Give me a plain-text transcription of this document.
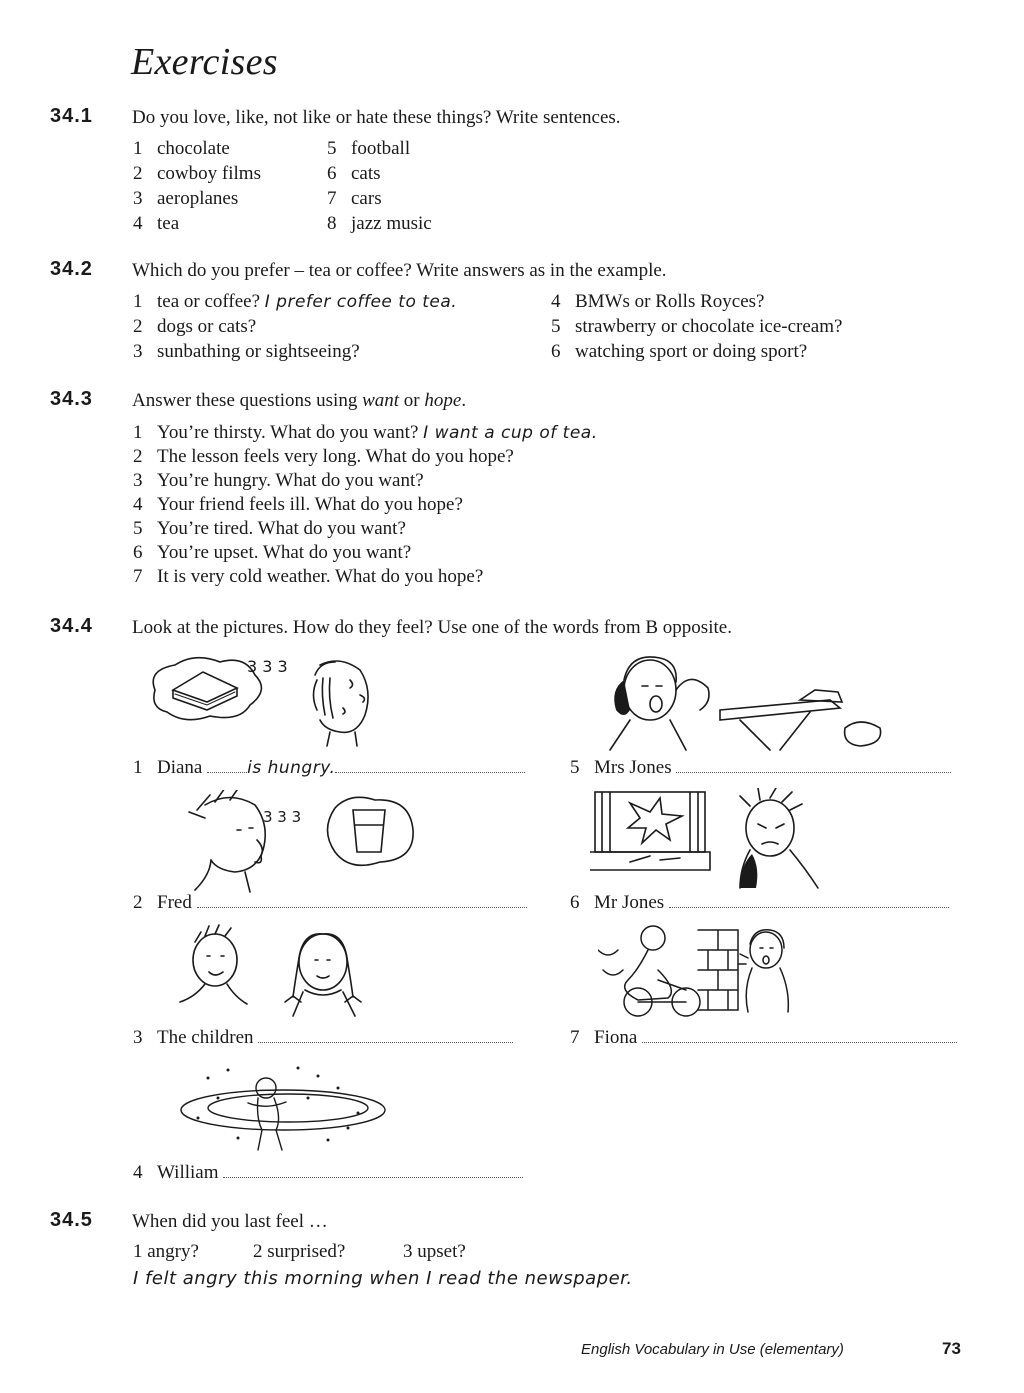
Exercises
34.1 Do you love, like, not like or hate these things? Write sentences.
1 chocolate
2 cowboy films
3 aeroplanes
4 tea
5 football
6 cats
7 cars
8 jazz music
34.2 Which do you prefer – tea or coffee? Write answers as in the example.
1 tea or coffee? I prefer coffee to tea.
2 dogs or cats?
3 sunbathing or sightseeing?
4 BMWs or Rolls Royces?
5 strawberry or chocolate ice-cream?
6 watching sport or doing sport?
34.3 Answer these questions using want or hope.
1 You’re thirsty. What do you want? I want a cup of tea.
2 The lesson feels very long. What do you hope?
3 You’re hungry. What do you want?
4 Your friend feels ill. What do you hope?
5 You’re tired. What do you want?
6 You’re upset. What do you want?
7 It is very cold weather. What do you hope?
34.4 Look at the pictures. How do they feel? Use one of the words from B opposite.
3 3 3
1 Diana	is hungry.
3 3 3
2 Fred
3 The children
4 William
5 Mrs Jones
6 Mr Jones
7 Fiona
34.5 When did you last feel …
1 angry?	2 surprised?	3 upset?
I felt angry this morning when I read the newspaper.
English Vocabulary in Use (elementary)	73
